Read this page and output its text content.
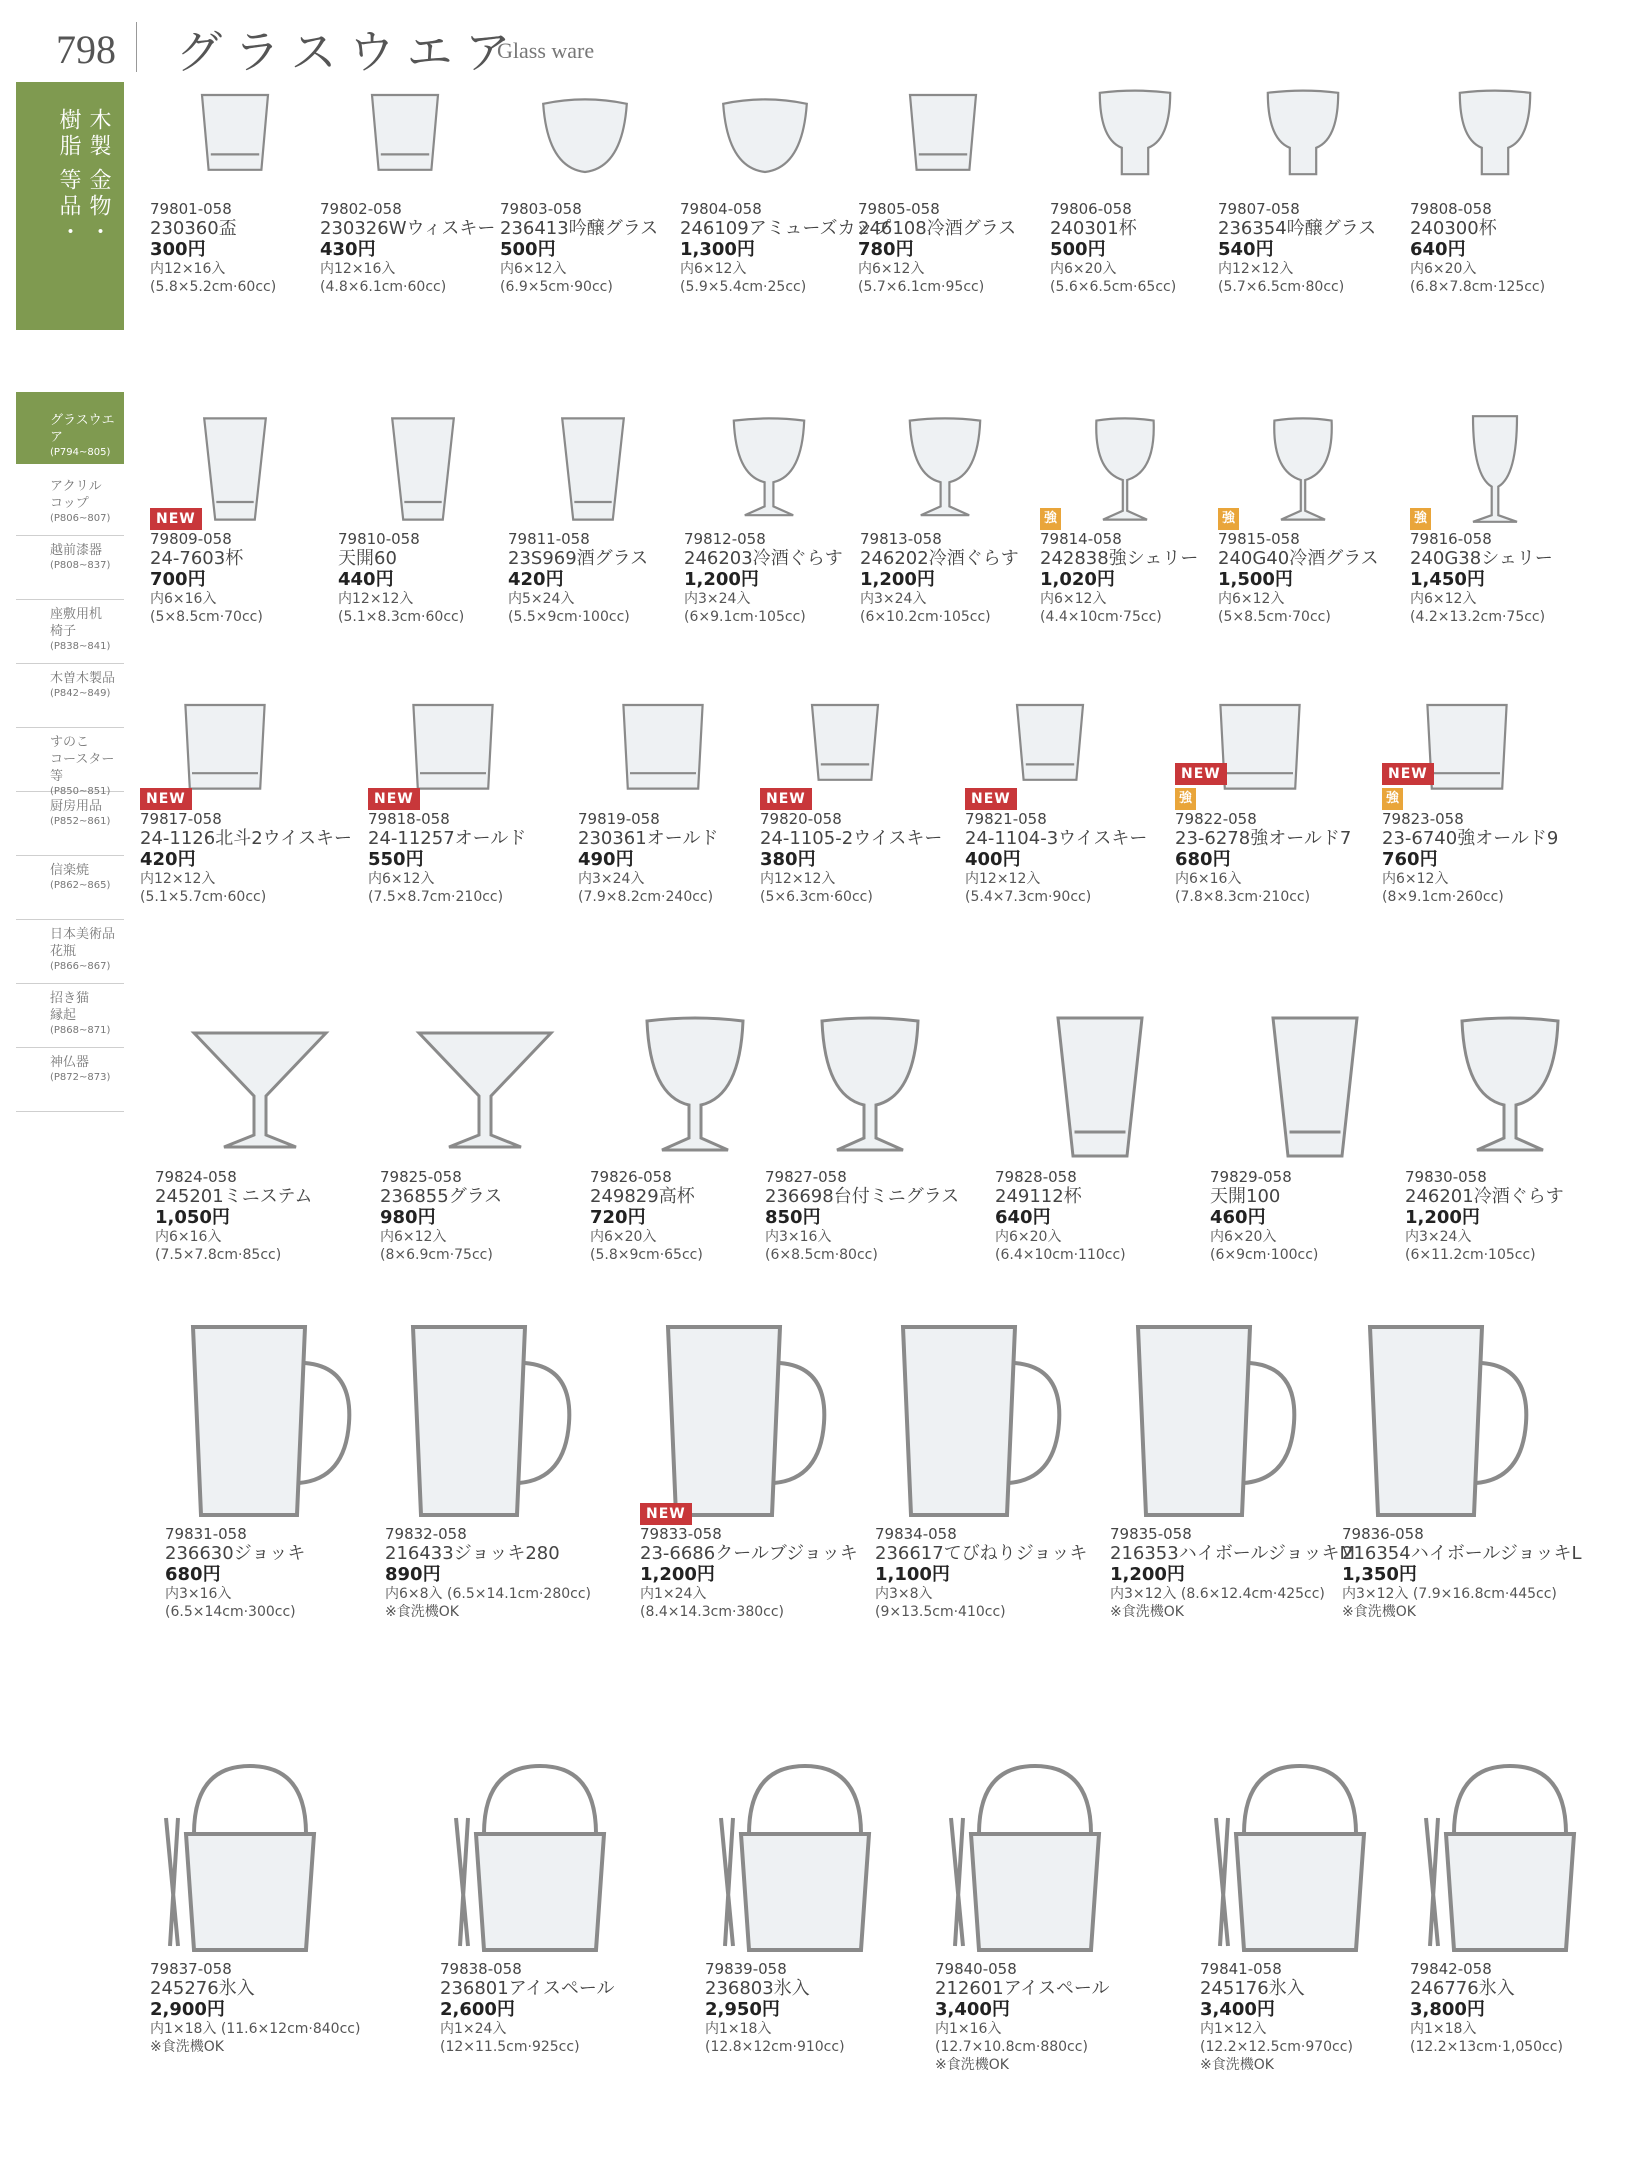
798 グラスウエア
Glass ware
木製
樹脂
金物・
等品・
グラスウエア
(P794~805)
アクリル
コップ
(P806~807)
越前漆器
(P808~837)
座敷用机
椅子
(P838~841)
木曽木製品
(P842~849)
すのこ
コースター等
(P850~851)
厨房用品
(P852~861)
信楽焼
(P862~865)
日本美術品
花瓶
(P866~867)
招き猫
縁起
(P868~871)
神仏器
(P872~873)
79801-058
230360盃
300円
内12×16入
(5.8×5.2cm·60cc)
79802-058
230326Wウィスキー
430円
内12×16入
(4.8×6.1cm·60cc)
79803-058
236413吟醸グラス
500円
内6×12入
(6.9×5cm·90cc)
79804-058
246109アミューズカップ
1,300円
内6×12入
(5.9×5.4cm·25cc)
79805-058
246108冷酒グラス
780円
内6×12入
(5.7×6.1cm·95cc)
79806-058
240301杯
500円
内6×20入
(5.6×6.5cm·65cc)
79807-058
236354吟醸グラス
540円
内12×12入
(5.7×6.5cm·80cc)
79808-058
240300杯
640円
内6×20入
(6.8×7.8cm·125cc)
NEW
79809-058
24-7603杯
700円
内6×16入
(5×8.5cm·70cc)
79810-058
天開60
440円
内12×12入
(5.1×8.3cm·60cc)
79811-058
23S969酒グラス
420円
内5×24入
(5.5×9cm·100cc)
79812-058
246203冷酒ぐらす
1,200円
内3×24入
(6×9.1cm·105cc)
79813-058
246202冷酒ぐらす
1,200円
内3×24入
(6×10.2cm·105cc)
強
79814-058
242838強シェリー
1,020円
内6×12入
(4.4×10cm·75cc)
強
79815-058
240G40冷酒グラス
1,500円
内6×12入
(5×8.5cm·70cc)
強
79816-058
240G38シェリー
1,450円
内6×12入
(4.2×13.2cm·75cc)
NEW
79817-058
24-1126北斗2ウイスキー
420円
内12×12入
(5.1×5.7cm·60cc)
NEW
79818-058
24-11257オールド
550円
内6×12入
(7.5×8.7cm·210cc)
79819-058
230361オールド
490円
内3×24入
(7.9×8.2cm·240cc)
NEW
79820-058
24-1105-2ウイスキー
380円
内12×12入
(5×6.3cm·60cc)
NEW
79821-058
24-1104-3ウイスキー
400円
内12×12入
(5.4×7.3cm·90cc)
NEW
強
79822-058
23-6278強オールド7
680円
内6×16入
(7.8×8.3cm·210cc)
NEW
強
79823-058
23-6740強オールド9
760円
内6×12入
(8×9.1cm·260cc)
79824-058
245201ミニステム
1,050円
内6×16入
(7.5×7.8cm·85cc)
79825-058
236855グラス
980円
内6×12入
(8×6.9cm·75cc)
79826-058
249829高杯
720円
内6×20入
(5.8×9cm·65cc)
79827-058
236698台付ミニグラス
850円
内3×16入
(6×8.5cm·80cc)
79828-058
249112杯
640円
内6×20入
(6.4×10cm·110cc)
79829-058
天開100
460円
内6×20入
(6×9cm·100cc)
79830-058
246201冷酒ぐらす
1,200円
内3×24入
(6×11.2cm·105cc)
79831-058
236630ジョッキ
680円
内3×16入
(6.5×14cm·300cc)
79832-058
216433ジョッキ280
890円
内6×8入 (6.5×14.1cm·280cc)
※食洗機OK
NEW
79833-058
23-6686クールブジョッキ
1,200円
内1×24入
(8.4×14.3cm·380cc)
79834-058
236617てびねりジョッキ
1,100円
内3×8入
(9×13.5cm·410cc)
79835-058
216353ハイボールジョッキM
1,200円
内3×12入 (8.6×12.4cm·425cc)
※食洗機OK
79836-058
216354ハイボールジョッキL
1,350円
内3×12入 (7.9×16.8cm·445cc)
※食洗機OK
79837-058
245276氷入
2,900円
内1×18入 (11.6×12cm·840cc)
※食洗機OK
79838-058
236801アイスペール
2,600円
内1×24入
(12×11.5cm·925cc)
79839-058
236803氷入
2,950円
内1×18入
(12.8×12cm·910cc)
79840-058
212601アイスペール
3,400円
内1×16入
(12.7×10.8cm·880cc)
※食洗機OK
79841-058
245176氷入
3,400円
内1×12入
(12.2×12.5cm·970cc)
※食洗機OK
79842-058
246776氷入
3,800円
内1×18入
(12.2×13cm·1,050cc)
